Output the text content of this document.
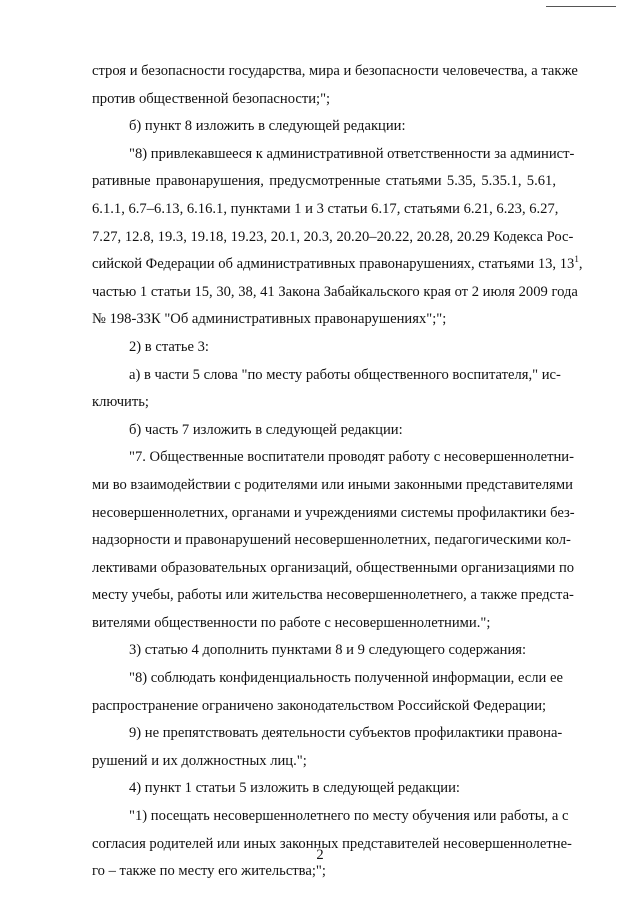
строя и безопасности государства, мира и безопасности человечества, а также

против общественной безопасности;";

б) пункт 8 изложить в следующей редакции:

"8) привлекавшееся к административной ответственности за админист-

ративные правонарушения, предусмотренные статьями 5.35, 5.35.1, 5.61,

6.1.1, 6.7–6.13, 6.16.1, пунктами 1 и 3 статьи 6.17, статьями 6.21, 6.23, 6.27,

7.27, 12.8, 19.3, 19.18, 19.23, 20.1, 20.3, 20.20–20.22, 20.28, 20.29 Кодекса Рос-

сийской Федерации об административных правонарушениях, статьями 13, $13^1$,

частью 1 статьи 15, 30, 38, 41 Закона Забайкальского края от 2 июля 2009 года

№ 198-ЗЗК "Об административных правонарушениях";";

2) в статье 3:

а) в части 5 слова "по месту работы общественного воспитателя," ис-

ключить;

б) часть 7 изложить в следующей редакции:

"7. Общественные воспитатели проводят работу с несовершеннолетни-

ми во взаимодействии с родителями или иными законными представителями

несовершеннолетних, органами и учреждениями системы профилактики без-

надзорности и правонарушений несовершеннолетних, педагогическими кол-

лективами образовательных организаций, общественными организациями по

месту учебы, работы или жительства несовершеннолетнего, а также предста-

вителями общественности по работе с несовершеннолетними.";

3) статью 4 дополнить пунктами 8 и 9 следующего содержания:

"8) соблюдать конфиденциальность полученной информации, если ее

распространение ограничено законодательством Российской Федерации;

9) не препятствовать деятельности субъектов профилактики правона-

рушений и их должностных лиц.";

4) пункт 1 статьи 5 изложить в следующей редакции:

"1) посещать несовершеннолетнего по месту обучения или работы, а с

согласия родителей или иных законных представителей несовершеннолетне-

го – также по месту его жительства;";

2
